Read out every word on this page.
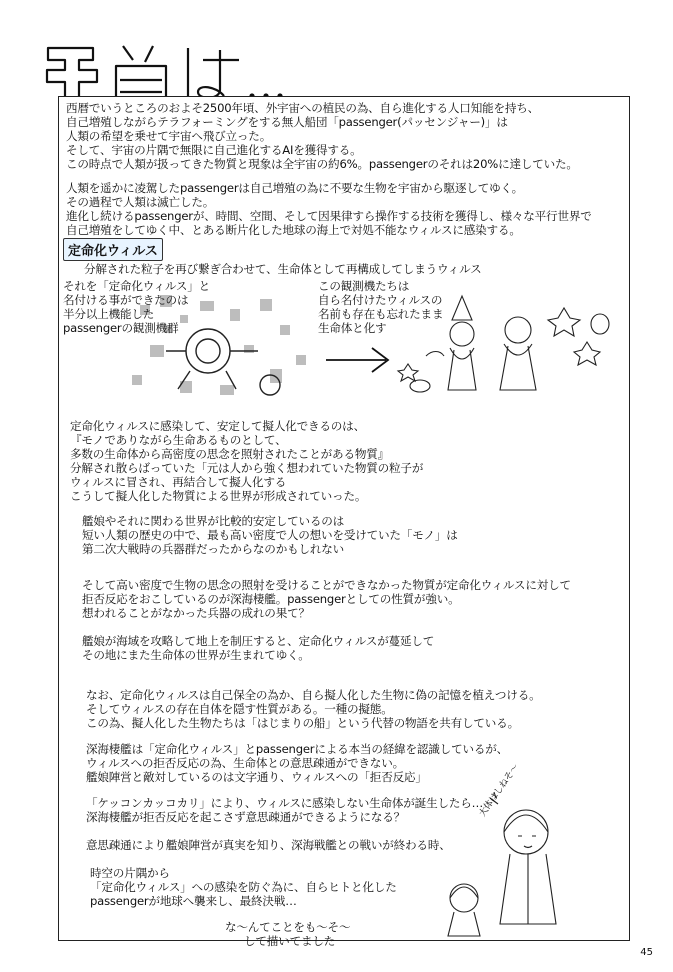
本当は．．．
西暦でいうところのおよそ2500年頃、外宇宙への植民の為、自ら進化する人口知能を持ち、
自己増殖しながらテラフォーミングをする無人船団「passenger(パッセンジャー)」は
人類の希望を乗せて宇宙へ飛び立った。
そして、宇宙の片隅で無限に自己進化するAIを獲得する。
この時点で人類が扱ってきた物質と現象は全宇宙の約6%。passengerのそれは20%に達していた。
人類を遥かに凌駕したpassengerは自己増殖の為に不要な生物を宇宙から駆逐してゆく。
その過程で人類は滅亡した。
進化し続けるpassengerが、時間、空間、そして因果律すら操作する技術を獲得し、様々な平行世界で
自己増殖をしてゆく中、とある断片化した地球の海上で対処不能なウィルスに感染する。
定命化ウィルス
分解された粒子を再び繋ぎ合わせて、生命体として再構成してしまうウィルス
それを「定命化ウィルス」と
名付ける事ができたのは
半分以上機能した
passengerの観測機群
この観測機たちは
自ら名付けたウィルスの
名前も存在も忘れたまま
生命体と化す
定命化ウィルスに感染して、安定して擬人化できるのは、
『モノでありながら生命あるものとして、
多数の生命体から高密度の思念を照射されたことがある物質』
分解され散らばっていた「元は人から強く想われていた物質の粒子が
ウィルスに冒され、再結合して擬人化する
こうして擬人化した物質による世界が形成されていった。
艦娘やそれに関わる世界が比較的安定しているのは
短い人類の歴史の中で、最も高い密度で人の想いを受けていた「モノ」は
第二次大戦時の兵器群だったからなのかもしれない
そして高い密度で生物の思念の照射を受けることができなかった物質が定命化ウィルスに対して
拒否反応をおこしているのが深海棲艦。passengerとしての性質が強い。
想われることがなかった兵器の成れの果て？
艦娘が海域を攻略して地上を制圧すると、定命化ウィルスが蔓延して
その地にまた生命体の世界が生まれてゆく。
なお、定命化ウィルスは自己保全の為か、自ら擬人化した生物に偽の記憶を植えつける。
そしてウィルスの存在自体を隠す性質がある。一種の擬態。
この為、擬人化した生物たちは「はじまりの船」という代替の物語を共有している。
深海棲艦は「定命化ウィルス」とpassengerによる本当の経緯を認識しているが、
ウィルスへの拒否反応の為、生命体との意思疎通ができない。
艦娘陣営と敵対しているのは文字通り、ウィルスへの「拒否反応」
「ケッコンカッコカリ」により、ウィルスに感染しない生命体が誕生したら…
深海棲艦が拒否反応を起こさず意思疎通ができるようになる？
意思疎通により艦娘陣営が真実を知り、深海戦艦との戦いが終わる時、
時空の片隅から
「定命化ウィルス」への感染を防ぐ為に、自らヒトと化した
passengerが地球へ襲来し、最終決戦…
な〜んてことをも〜そ〜
して描いてました
大体はしねそ〜
45
